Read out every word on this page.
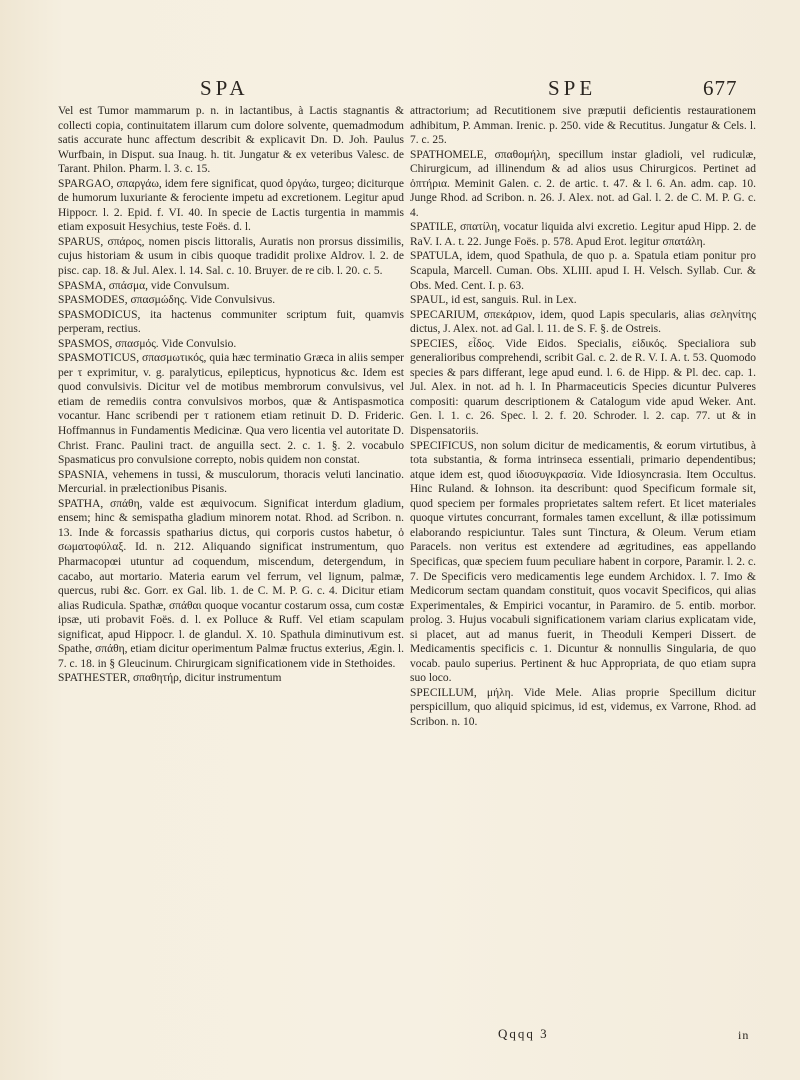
SPA	SPE	677

Vel est Tumor mammarum p. n. in lactantibus, à Lactis stagnantis & collecti copia, continuitatem illarum cum dolore solvente, quemadmodum satis accurate hunc affectum describit & explicavit Dn. D. Joh. Paulus Wurfbain, in Disput. sua Inaug. h. tit. Jungatur & ex veteribus Valesc. de Tarant. Philon. Pharm. l. 3. c. 15.

SPARGAO, σπαργάω, idem fere significat, quod ὀργάω, turgeo; diciturque de humorum luxuriante & ferociente impetu ad excretionem. Legitur apud Hippocr. l. 2. Epid. f. VI. 40. In specie de Lactis turgentia in mammis etiam exposuit Hesychius, teste Foës. d. l.

SPARUS, σπάρος, nomen piscis littoralis, Auratis non prorsus dissimilis, cujus historiam & usum in cibis quoque tradidit prolixe Aldrov. l. 2. de pisc. cap. 18. & Jul. Alex. l. 14. Sal. c. 10. Bruyer. de re cib. l. 20. c. 5.

SPASMA, σπάσμα, vide Convulsum.

SPASMODES, σπασμώδης. Vide Convulsivus.

SPASMODICUS, ita hactenus communiter scriptum fuit, quamvis perperam, rectius.

SPASMOS, σπασμός. Vide Convulsio.

SPASMOTICUS, σπασμωτικός, quia hæc terminatio Græca in aliis semper per τ exprimitur, v. g. paralyticus, epilepticus, hypnoticus &c. Idem est quod convulsivis. Dicitur vel de motibus membrorum convulsivus, vel etiam de remediis contra convulsivos morbos, quæ & Antispasmotica vocantur. Hanc scribendi per τ rationem etiam retinuit D. D. Frideric. Hoffmannus in Fundamentis Medicinæ. Qua vero licentia vel autoritate D. Christ. Franc. Paulini tract. de anguilla sect. 2. c. 1. §. 2. vocabulo Spasmaticus pro convulsione correpto, nobis quidem non constat.

SPASNIA, vehemens in tussi, & musculorum, thoracis veluti lancinatio. Mercurial. in prælectionibus Pisanis.

SPATHA, σπάθη, valde est æquivocum. Significat interdum gladium, ensem; hinc & semispatha gladium minorem notat. Rhod. ad Scribon. n. 13. Inde & forcassis spatharius dictus, qui corporis custos habetur, ὁ σωματοφύλαξ. Id. n. 212. Aliquando significat instrumentum, quo Pharmacopœi utuntur ad coquendum, miscendum, detergendum, in cacabo, aut mortario. Materia earum vel ferrum, vel lignum, palmæ, quercus, rubi &c. Gorr. ex Gal. lib. 1. de C. M. P. G. c. 4. Dicitur etiam alias Rudicula. Spathæ, σπάθαι quoque vocantur costarum ossa, cum costæ ipsæ, uti probavit Foës. d. l. ex Polluce & Ruff. Vel etiam scapulam significat, apud Hippocr. l. de glandul. X. 10. Spathula diminutivum est. Spathe, σπάθη, etiam dicitur operimentum Palmæ fructus exterius, Ægin. l. 7. c. 18. in § Gleucinum. Chirurgicam significationem vide in Stethoides.

SPATHESTER, σπαθητήρ, dicitur instrumentum

attractorium; ad Recutitionem sive præputii deficientis restaurationem adhibitum, P. Amman. Irenic. p. 250. vide & Recutitus. Jungatur & Cels. l. 7. c. 25.

SPATHOMELE, σπαθομήλη, specillum instar gladioli, vel rudiculæ, Chirurgicum, ad illinendum & ad alios usus Chirurgicos. Pertinet ad ὀπτήρια. Meminit Galen. c. 2. de artic. t. 47. & l. 6. An. adm. cap. 10. Junge Rhod. ad Scribon. n. 26. J. Alex. not. ad Gal. l. 2. de C. M. P. G. c. 4.

SPATILE, σπατίλη, vocatur liquida alvi excretio. Legitur apud Hipp. 2. de RaV. I. A. t. 22. Junge Foës. p. 578. Apud Erot. legitur σπατάλη.

SPATULA, idem, quod Spathula, de quo p. a. Spatula etiam ponitur pro Scapula, Marcell. Cuman. Obs. XLIII. apud I. H. Velsch. Syllab. Cur. & Obs. Med. Cent. I. p. 63.

SPAUL, id est, sanguis. Rul. in Lex.

SPECARIUM, σπεκάριον, idem, quod Lapis specularis, alias σεληνίτης dictus, J. Alex. not. ad Gal. l. 11. de S. F. §. de Ostreis.

SPECIES, εἶδος. Vide Eidos. Specialis, εἰδικός. Specialiora sub generalioribus comprehendi, scribit Gal. c. 2. de R. V. I. A. t. 53. Quomodo species & pars differant, lege apud eund. l. 6. de Hipp. & Pl. dec. cap. 1. Jul. Alex. in not. ad h. l. In Pharmaceuticis Species dicuntur Pulveres compositi: quarum descriptionem & Catalogum vide apud Weker. Ant. Gen. l. 1. c. 26. Spec. l. 2. f. 20. Schroder. l. 2. cap. 77. ut & in Dispensatoriis.

SPECIFICUS, non solum dicitur de medicamentis, & eorum virtutibus, à tota substantia, & forma intrinseca essentiali, primario dependentibus; atque idem est, quod ἰδιοσυγκρασία. Vide Idiosyncrasia. Item Occultus. Hinc Ruland. & Iohnson. ita describunt: quod Specificum formale sit, quod speciem per formales proprietates saltem refert. Et licet materiales quoque virtutes concurrant, formales tamen excellunt, & illæ potissimum elaborando respiciuntur. Tales sunt Tinctura, & Oleum. Verum etiam Paracels. non veritus est extendere ad ægritudines, eas appellando Specificas, quæ speciem fuum peculiare habent in corpore, Paramir. l. 2. c. 7. De Specificis vero medicamentis lege eundem Archidox. l. 7. Imo & Medicorum sectam quandam constituit, quos vocavit Specificos, qui alias Experimentales, & Empirici vocantur, in Paramiro. de 5. entib. morbor. prolog. 3. Hujus vocabuli significationem variam clarius explicatam vide, si placet, aut ad manus fuerit, in Theoduli Kemperi Dissert. de Medicamentis specificis c. 1. Dicuntur & nonnullis Singularia, de quo vocab. paulo superius. Pertinent & huc Appropriata, de quo etiam supra suo loco.

SPECILLUM, μήλη. Vide Mele. Alias proprie Specillum dicitur perspicillum, quo aliquid spicimus, id est, videmus, ex Varrone, Rhod. ad Scribon. n. 10.

Qqqq 3	in
